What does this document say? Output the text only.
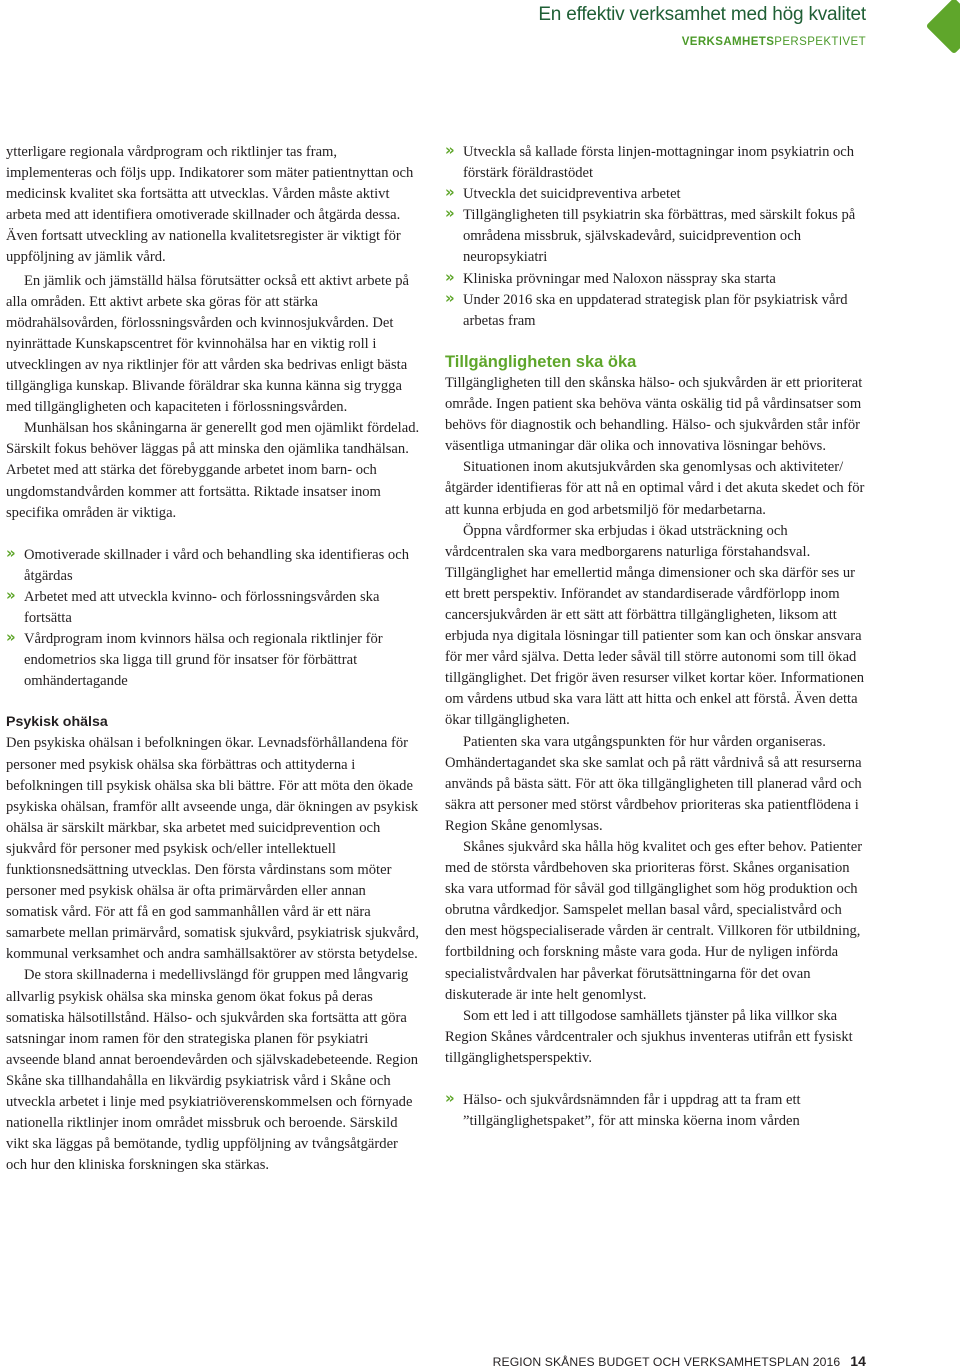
En effektiv verksamhet med hög kvalitet
VERKSAMHETSPERSPEKTIVET

ytterligare regionala vårdprogram och riktlinjer tas fram, implementeras och följs upp. Indikatorer som mäter patientnyttan och medicinsk kvalitet ska fortsätta att utvecklas. Vården måste aktivt arbeta med att identifiera omotiverade skillnader och åtgärda dessa. Även fortsatt utveckling av nationella kvalitetsregister är viktigt för uppföljning av jämlik vård.

En jämlik och jämställd hälsa förutsätter också ett aktivt arbete på alla områden. Ett aktivt arbete ska göras för att stärka mödrahälsovården, förlossningsvården och kvinnosjukvården. Det nyinrättade Kunskapscentret för kvinnohälsa har en viktig roll i utvecklingen av nya riktlinjer för att vården ska bedrivas enligt bästa tillgängliga kunskap. Blivande föräldrar ska kunna känna sig trygga med tillgängligheten och kapaciteten i förlossningsvården.

Munhälsan hos skåningarna är generellt god men ojämlikt fördelad. Särskilt fokus behöver läggas på att minska den ojämlika tandhälsan. Arbetet med att stärka det förebyggande arbetet inom barn- och ungdomstandvården kommer att fortsätta. Riktade insatser inom specifika områden är viktiga.

» Omotiverade skillnader i vård och behandling ska identifieras och åtgärdas
» Arbetet med att utveckla kvinno- och förlossningsvården ska fortsätta
» Vårdprogram inom kvinnors hälsa och regionala riktlinjer för endometrios ska ligga till grund för insatser för förbättrat omhändertagande
Psykisk ohälsa

Den psykiska ohälsan i befolkningen ökar. Levnadsförhållandena för personer med psykisk ohälsa ska förbättras och attityderna i befolkningen till psykisk ohälsa ska bli bättre. För att möta den ökade psykiska ohälsan, framför allt avseende unga, där ökningen av psykisk ohälsa är särskilt märkbar, ska arbetet med suicidprevention och sjukvård för personer med psykisk och/eller intellektuell funktionsnedsättning utvecklas. Den första vårdinstans som möter personer med psykisk ohälsa är ofta primärvården eller annan somatisk vård. För att få en god sammanhållen vård är ett nära samarbete mellan primärvård, somatisk sjukvård, psykiatrisk sjukvård, kommunal verksamhet och andra samhällsaktörer av största betydelse.

De stora skillnaderna i medellivslängd för gruppen med långvarig allvarlig psykisk ohälsa ska minska genom ökat fokus på deras somatiska hälsotillstånd. Hälso- och sjukvården ska fortsätta att göra satsningar inom ramen för den strategiska planen för psykiatri avseende bland annat beroendevården och självskadebeteende. Region Skåne ska tillhandahålla en likvärdig psykiatrisk vård i Skåne och utveckla arbetet i linje med psykiatriöverenskommelsen och förnyade nationella riktlinjer inom området missbruk och beroende. Särskild vikt ska läggas på bemötande, tydlig uppföljning av tvångsåtgärder och hur den kliniska forskningen ska stärkas.

» Utveckla så kallade första linjen-mottagningar inom psykiatrin och förstärk föräldrastödet
» Utveckla det suicidpreventiva arbetet
» Tillgängligheten till psykiatrin ska förbättras, med särskilt fokus på områdena missbruk, självskadevård, suicidprevention och neuropsykiatri
» Kliniska prövningar med Naloxon nässpray ska starta
» Under 2016 ska en uppdaterad strategisk plan för psykiatrisk vård arbetas fram
Tillgängligheten ska öka

Tillgängligheten till den skånska hälso- och sjukvården är ett prioriterat område. Ingen patient ska behöva vänta oskälig tid på vårdinsatser som behövs för diagnostik och behandling. Hälso- och sjukvården står inför väsentliga utmaningar där olika och innovativa lösningar behövs.

Situationen inom akutsjukvården ska genomlysas och aktiviteter/åtgärder identifieras för att nå en optimal vård i det akuta skedet och för att kunna erbjuda en god arbetsmiljö för medarbetarna.

Öppna vårdformer ska erbjudas i ökad utsträckning och vårdcentralen ska vara medborgarens naturliga förstahandsval. Tillgänglighet har emellertid många dimensioner och ska därför ses ur ett brett perspektiv. Införandet av standardiserade vårdförlopp inom cancersjukvården är ett sätt att förbättra tillgängligheten, liksom att erbjuda nya digitala lösningar till patienter som kan och önskar ansvara för mer vård själva. Detta leder såväl till större autonomi som till ökad tillgänglighet. Det frigör även resurser vilket kortar köer. Informationen om vårdens utbud ska vara lätt att hitta och enkel att förstå. Även detta ökar tillgängligheten.

Patienten ska vara utgångspunkten för hur vården organiseras. Omhändertagandet ska ske samlat och på rätt vårdnivå så att resurserna används på bästa sätt. För att öka tillgängligheten till planerad vård och säkra att personer med störst vårdbehov prioriteras ska patientflödena i Region Skåne genomlysas.

Skånes sjukvård ska hålla hög kvalitet och ges efter behov. Patienter med de största vårdbehoven ska prioriteras först. Skånes organisation ska vara utformad för såväl god tillgänglighet som hög produktion och obrutna vårdkedjor. Samspelet mellan basal vård, specialistvård och den mest högspecialiserade vården är centralt. Villkoren för utbildning, fortbildning och forskning måste vara goda. Hur de nyligen införda specialistvårdvalen har påverkat förutsättningarna för det ovan diskuterade är inte helt genomlyst.

Som ett led i att tillgodose samhällets tjänster på lika villkor ska Region Skånes vårdcentraler och sjukhus inventeras utifrån ett fysiskt tillgänglighetsperspektiv.

» Hälso- och sjukvårdsnämnden får i uppdrag att ta fram ett ”tillgänglighetspaket”, för att minska köerna inom vården
REGION SKÅNES BUDGET OCH VERKSAMHETSPLAN 2016 14
